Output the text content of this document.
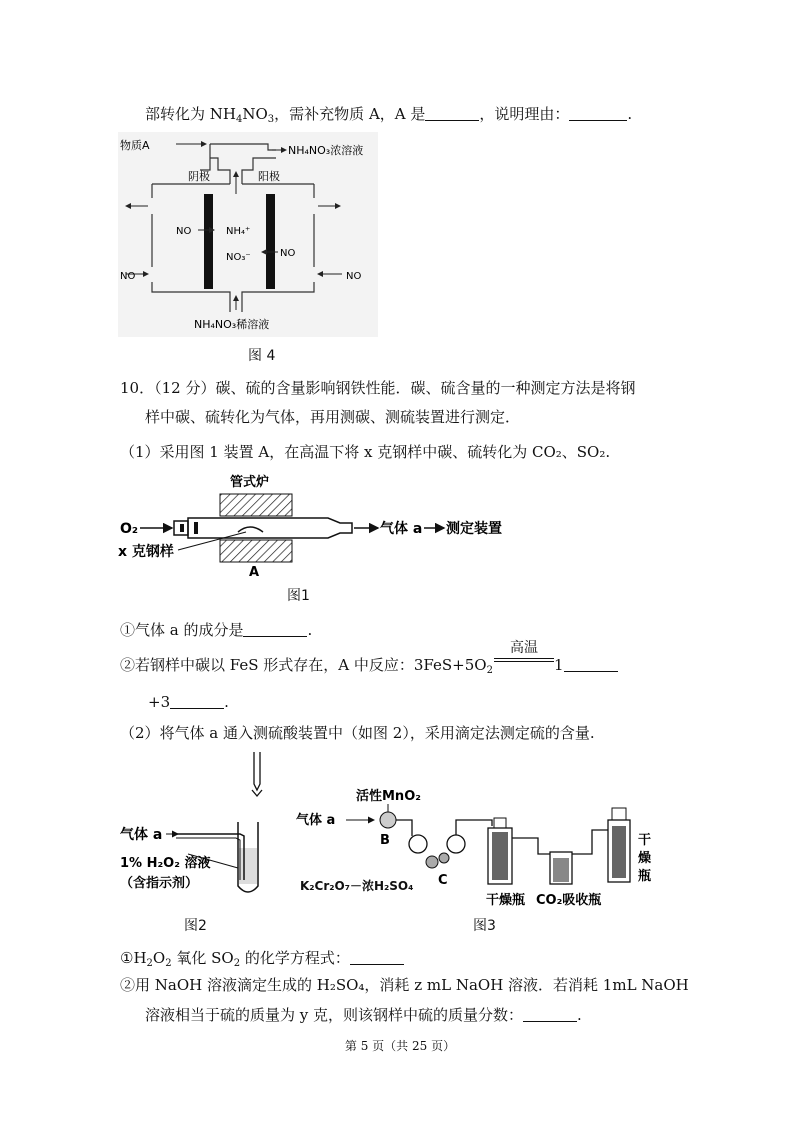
部转化为 $NH_4NO_3$，需补充物质 A，A 是	，说明理由：	.
物质A	NH₄NO₃浓溶液
阴极	阳极
NO	NH₄⁺
NO₃⁻	NO
NO	NO
NH₄NO₃稀溶液
图 4
10．（12 分）碳、硫的含量影响钢铁性能．碳、硫含量的一种测定方法是将钢
样中碳、硫转化为气体，再用测碳、测硫装置进行测定．
（1）采用图 1 装置 A，在高温下将 x 克钢样中碳、硫转化为 CO₂、SO₂.
管式炉
O₂	气体 a 测定装置
x 克钢样
A
图1
①气体 a 的成分是	.
②若钢样中碳以 FeS 形式存在，A 中反应：$3FeS+5O_2$
高温
1
+3	.
（2）将气体 a 通入测硫酸装置中（如图 2），采用滴定法测定硫的含量.
气体 a
1% H₂O₂ 溶液
（含指示剂）
图2
活性MnO₂
气体 a
B
C
干燥瓶
干燥瓶 CO₂吸收瓶
K₂Cr₂O₇－浓H₂SO₄
图3
$①H_2O_2$ 氧化 $SO_2$ 的化学方程式：
②用 NaOH 溶液滴定生成的 H₂SO₄，消耗 z mL NaOH 溶液．若消耗 1mL NaOH
溶液相当于硫的质量为 y 克，则该钢样中硫的质量分数：	.
第 5 页（共 25 页）
